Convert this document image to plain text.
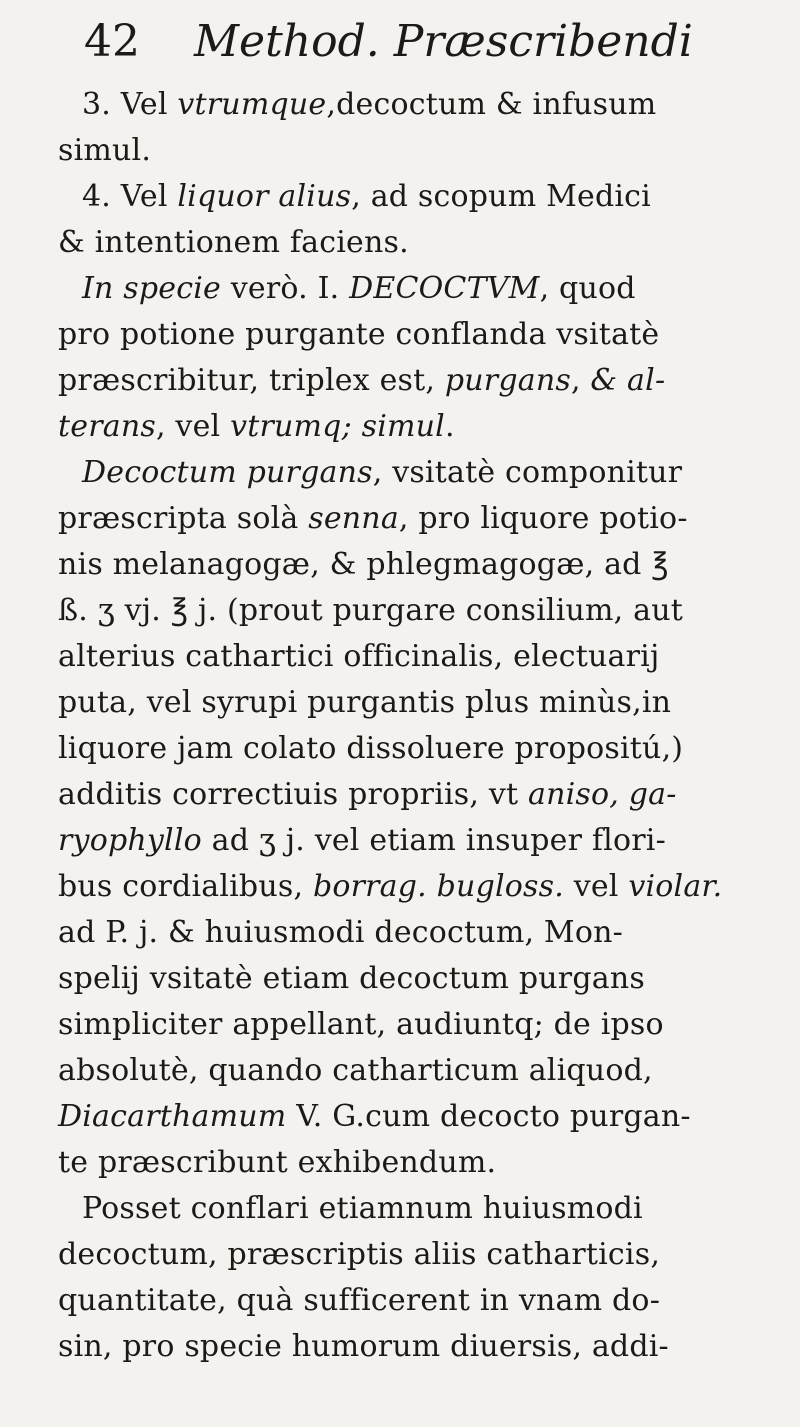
42 Method. Præscribendi
3. Vel vtrumque,decoctum & infusum
simul.
4. Vel liquor alius, ad scopum Medici
& intentionem faciens.
In specie verò. I. DECOCTVM, quod
pro potione purgante conflanda vsitatè
præscribitur, triplex est, purgans, & al-
terans, vel vtrumq; simul.
Decoctum purgans, vsitatè componitur
præscripta solà senna, pro liquore potio-
nis melanagogæ, & phlegmagogæ, ad ℥
ß. ʒ vj. ℥ j. (prout purgare consilium, aut
alterius cathartici officinalis, electuarij
puta, vel syrupi purgantis plus minùs,in
liquore jam colato dissoluere propositú,)
additis correctiuis propriis, vt aniso, ga-
ryophyllo ad ʒ j. vel etiam insuper flori-
bus cordialibus, borrag. bugloss. vel violar.
ad P. j. & huiusmodi decoctum, Mon-
spelij vsitatè etiam decoctum purgans
simpliciter appellant, audiuntq; de ipso
absolutè, quando catharticum aliquod,
Diacarthamum V. G.cum decocto purgan-
te præscribunt exhibendum.
Posset conflari etiamnum huiusmodi
decoctum, præscriptis aliis catharticis,
quantitate, quà sufficerent in vnam do-
sin, pro specie humorum diuersis, addi-
